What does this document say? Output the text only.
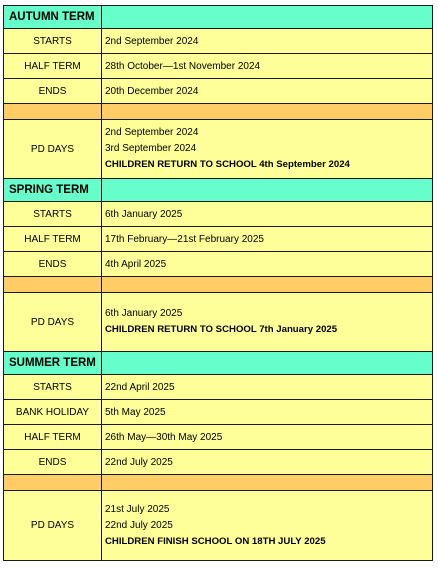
AUTUMN TERM	
STARTS	2nd September 2024
HALF TERM	28th October—1st November 2024
ENDS	20th December 2024

PD DAYS	2nd September 2024
3rd September 2024
CHILDREN RETURN TO SCHOOL 4th September 2024

SPRING TERM	
STARTS	6th January 2025
HALF TERM	17th February—21st February 2025
ENDS	4th April 2025

PD DAYS	6th January 2025
CHILDREN RETURN TO SCHOOL 7th January 2025

SUMMER TERM	
STARTS	22nd April 2025
BANK HOLIDAY	5th May 2025
HALF TERM	26th May—30th May 2025
ENDS	22nd July 2025

PD DAYS	21st July 2025
22nd July 2025
CHILDREN FINISH SCHOOL ON 18TH JULY 2025
